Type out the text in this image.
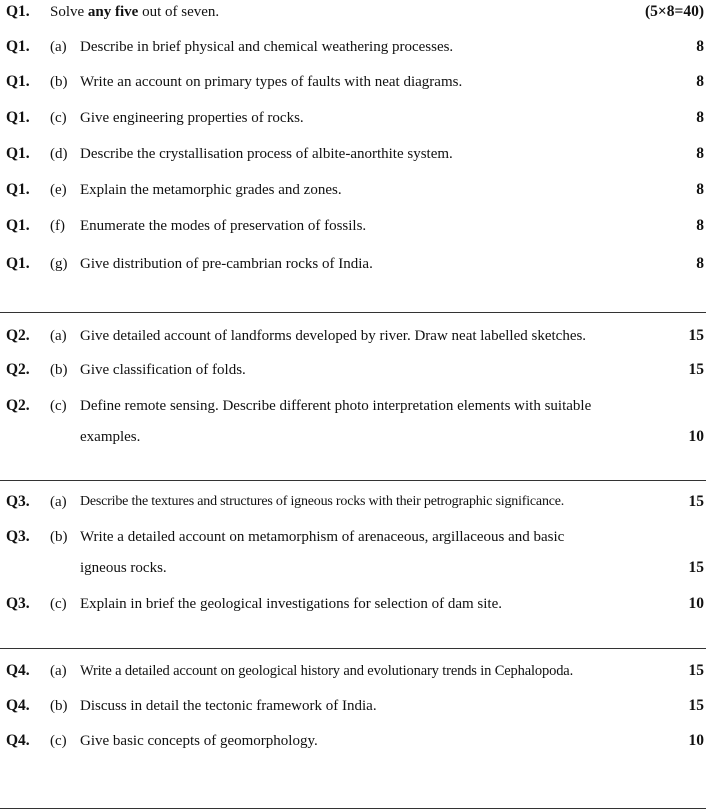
Q1. Solve any five out of seven.	(5×8=40)
Q1. (a) Describe in brief physical and chemical weathering processes.	8
Q1. (b) Write an account on primary types of faults with neat diagrams.	8
Q1. (c) Give engineering properties of rocks.	8
Q1. (d) Describe the crystallisation process of albite-anorthite system.	8
Q1. (e) Explain the metamorphic grades and zones.	8
Q1. (f) Enumerate the modes of preservation of fossils.	8
Q1. (g) Give distribution of pre-cambrian rocks of India.	8
Q2. (a) Give detailed account of landforms developed by river. Draw neat labelled sketches.	15
Q2. (b) Give classification of folds.	15
Q2. (c) Define remote sensing. Describe different photo interpretation elements with suitable
examples.	10
Q3. (a) Describe the textures and structures of igneous rocks with their petrographic significance.	15
Q3. (b) Write a detailed account on metamorphism of arenaceous, argillaceous and basic
igneous rocks.	15
Q3. (c) Explain in brief the geological investigations for selection of dam site.	10
Q4. (a) Write a detailed account on geological history and evolutionary trends in Cephalopoda.	15
Q4. (b) Discuss in detail the tectonic framework of India.	15
Q4. (c) Give basic concepts of geomorphology.	10
